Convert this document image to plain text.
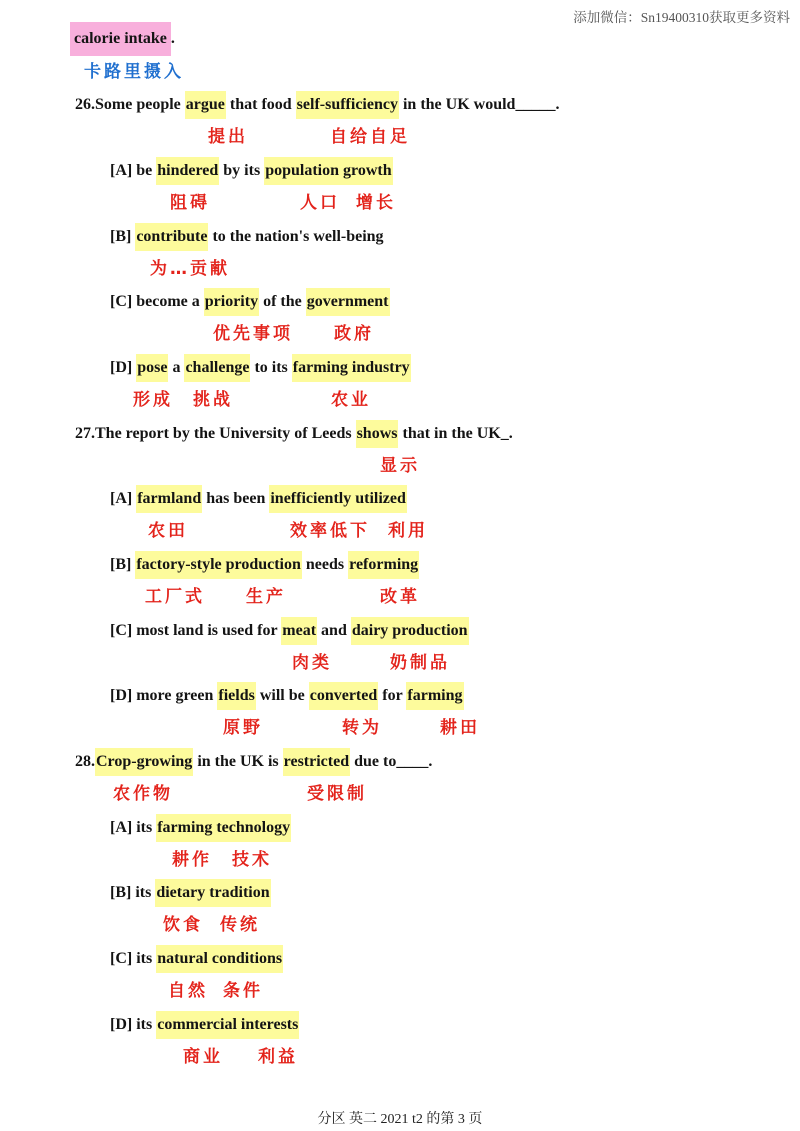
添加微信：Sn19400310获取更多资料
calorie intake .
卡路里摄入
26.Some people argue that food self-sufficiency in the UK would_____.
提出	自给自足
[A] be hindered by its population growth
阻碍	人口 增长
[B] contribute to the nation's well-being
为…贡献
[C] become a priority of the government
优先事项 政府
[D] pose a challenge to its farming industry
形成 挑战	农业
27.The report by the University of Leeds shows that in the UK_.
显示
[A] farmland has been inefficiently utilized
农田	效率低下 利用
[B] factory-style production needs reforming
工厂式 生产	改革
[C] most land is used for meat and dairy production
肉类	奶制品
[D] more green fields will be converted for farming
原野	转为	耕田
28. Crop-growing in the UK is restricted due to____.
农作物	受限制
[A] its farming technology
耕作 技术
[B] its dietary tradition
饮食 传统
[C] its natural conditions
自然 条件
[D] its commercial interests
商业 利益
分区 英二 2021 t2 的第 3 页
